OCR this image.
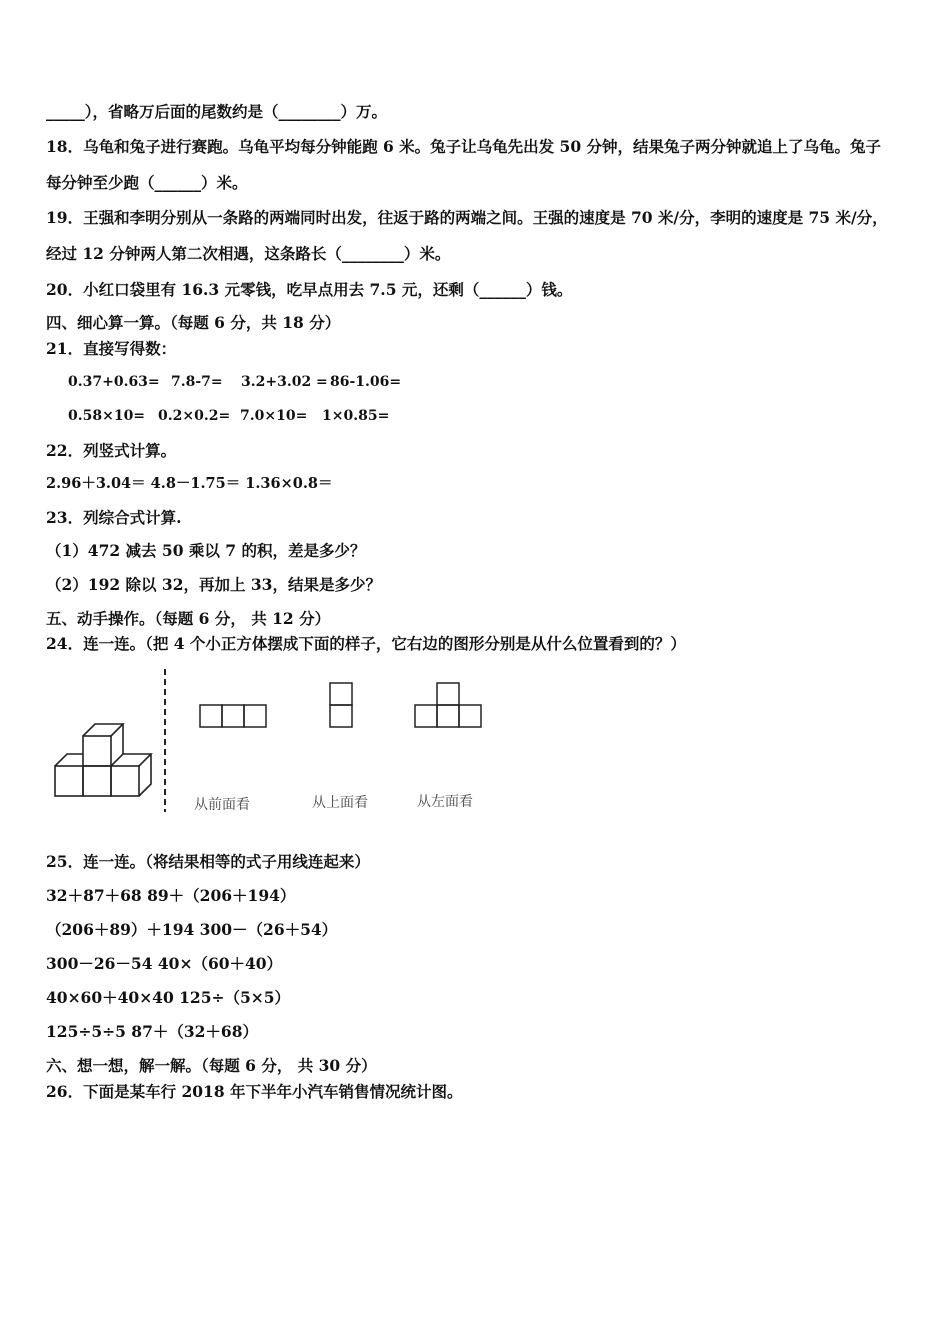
_____），省略万后面的尾数约是（________）万。
18．乌龟和兔子进行赛跑。乌龟平均每分钟能跑 6 米。兔子让乌龟先出发 50 分钟，结果兔子两分钟就追上了乌龟。兔子
每分钟至少跑（______）米。
19．王强和李明分别从一条路的两端同时出发，往返于路的两端之间。王强的速度是 70 米/分，李明的速度是 75 米/分，
经过 12 分钟两人第二次相遇，这条路长（________）米。
20．小红口袋里有 16.3 元零钱，吃早点用去 7.5 元，还剩（______）钱。
四、细心算一算。（每题 6 分，共 18 分）
21．直接写得数：
0.37+0.63= 7.8-7= 3.2+3.02 = 86-1.06=
0.58×10= 0.2×0.2= 7.0×10= 1×0.85=
22．列竖式计算。
2.96＋3.04＝ 4.8－1.75＝ 1.36×0.8＝
23．列综合式计算.
（1）472 减去 50 乘以 7 的积，差是多少？
（2）192 除以 32，再加上 33，结果是多少？
五、动手操作。（每题 6 分， 共 12 分）
24．连一连。（把 4 个小正方体摆成下面的样子，它右边的图形分别是从什么位置看到的？）
从前面看	从上面看	从左面看
25．连一连。（将结果相等的式子用线连起来）
32＋87＋68 89＋（206＋194）
（206＋89）＋194 300－（26＋54）
300－26－54 40×（60＋40）
40×60＋40×40 125÷（5×5）
125÷5÷5 87＋（32＋68）
六、想一想，解一解。（每题 6 分， 共 30 分）
26．下面是某车行 2018 年下半年小汽车销售情况统计图。
